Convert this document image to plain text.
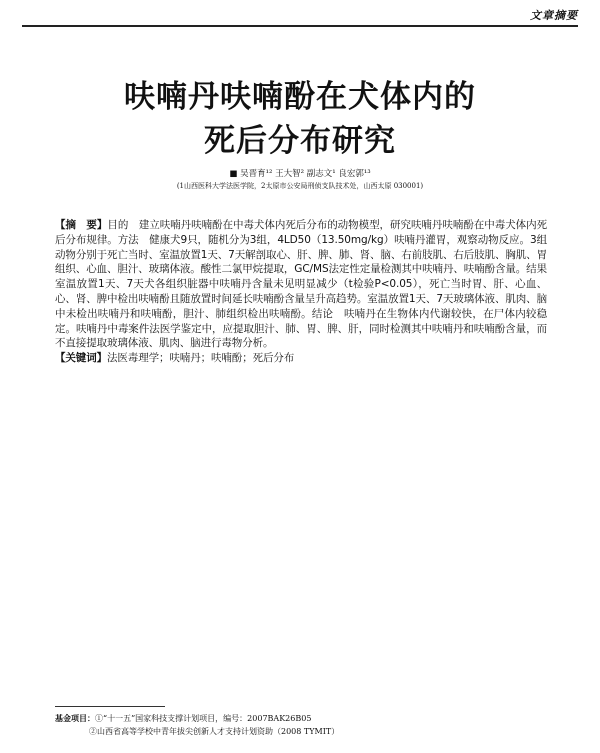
文章摘要
呋喃丹呋喃酚在犬体内的
死后分布研究
■ 吴晋育¹² 王大智² 副志文¹ 良宏郭¹³
(1山西医科大学法医学院，2太原市公安局刑侦支队技术处，山西太原 030001)

【摘　要】目的　建立呋喃丹呋喃酚在中毒犬体内死后分布的动物模型，研究呋喃丹呋喃酚在中毒犬体内死后分布规律。方法　健康犬9只，随机分为3组，4LD50（13.50mg/kg）呋喃丹灌胃，观察动物反应。3组动物分别于死亡当时、室温放置1天、7天解剖取心、肝、脾、肺、肾、脑、右前肢肌、右后肢肌、胸肌、胃组织、心血、胆汁、玻璃体液。酸性二氯甲烷提取，GC/MS法定性定量检测其中呋喃丹、呋喃酚含量。结果　室温放置1天、7天犬各组织脏器中呋喃丹含量未见明显减少（t检验P<0.05），死亡当时胃、肝、心血、心、肾、脾中检出呋喃酚且随放置时间延长呋喃酚含量呈升高趋势。室温放置1天、7天玻璃体液、肌肉、脑中未检出呋喃丹和呋喃酚，胆汁、肺组织检出呋喃酚。结论　呋喃丹在生物体内代谢较快，在尸体内较稳定。呋喃丹中毒案件法医学鉴定中，应提取胆汁、肺、胃、脾、肝，同时检测其中呋喃丹和呋喃酚含量，而不直接提取玻璃体液、肌肉、脑进行毒物分析。

【关键词】法医毒理学；呋喃丹；呋喃酚；死后分布

基金项目：①“十一五”国家科技支撑计划项目，编号：2007BAK26B05
②山西省高等学校中青年拔尖创新人才支持计划资助（2008 TYMIT）
